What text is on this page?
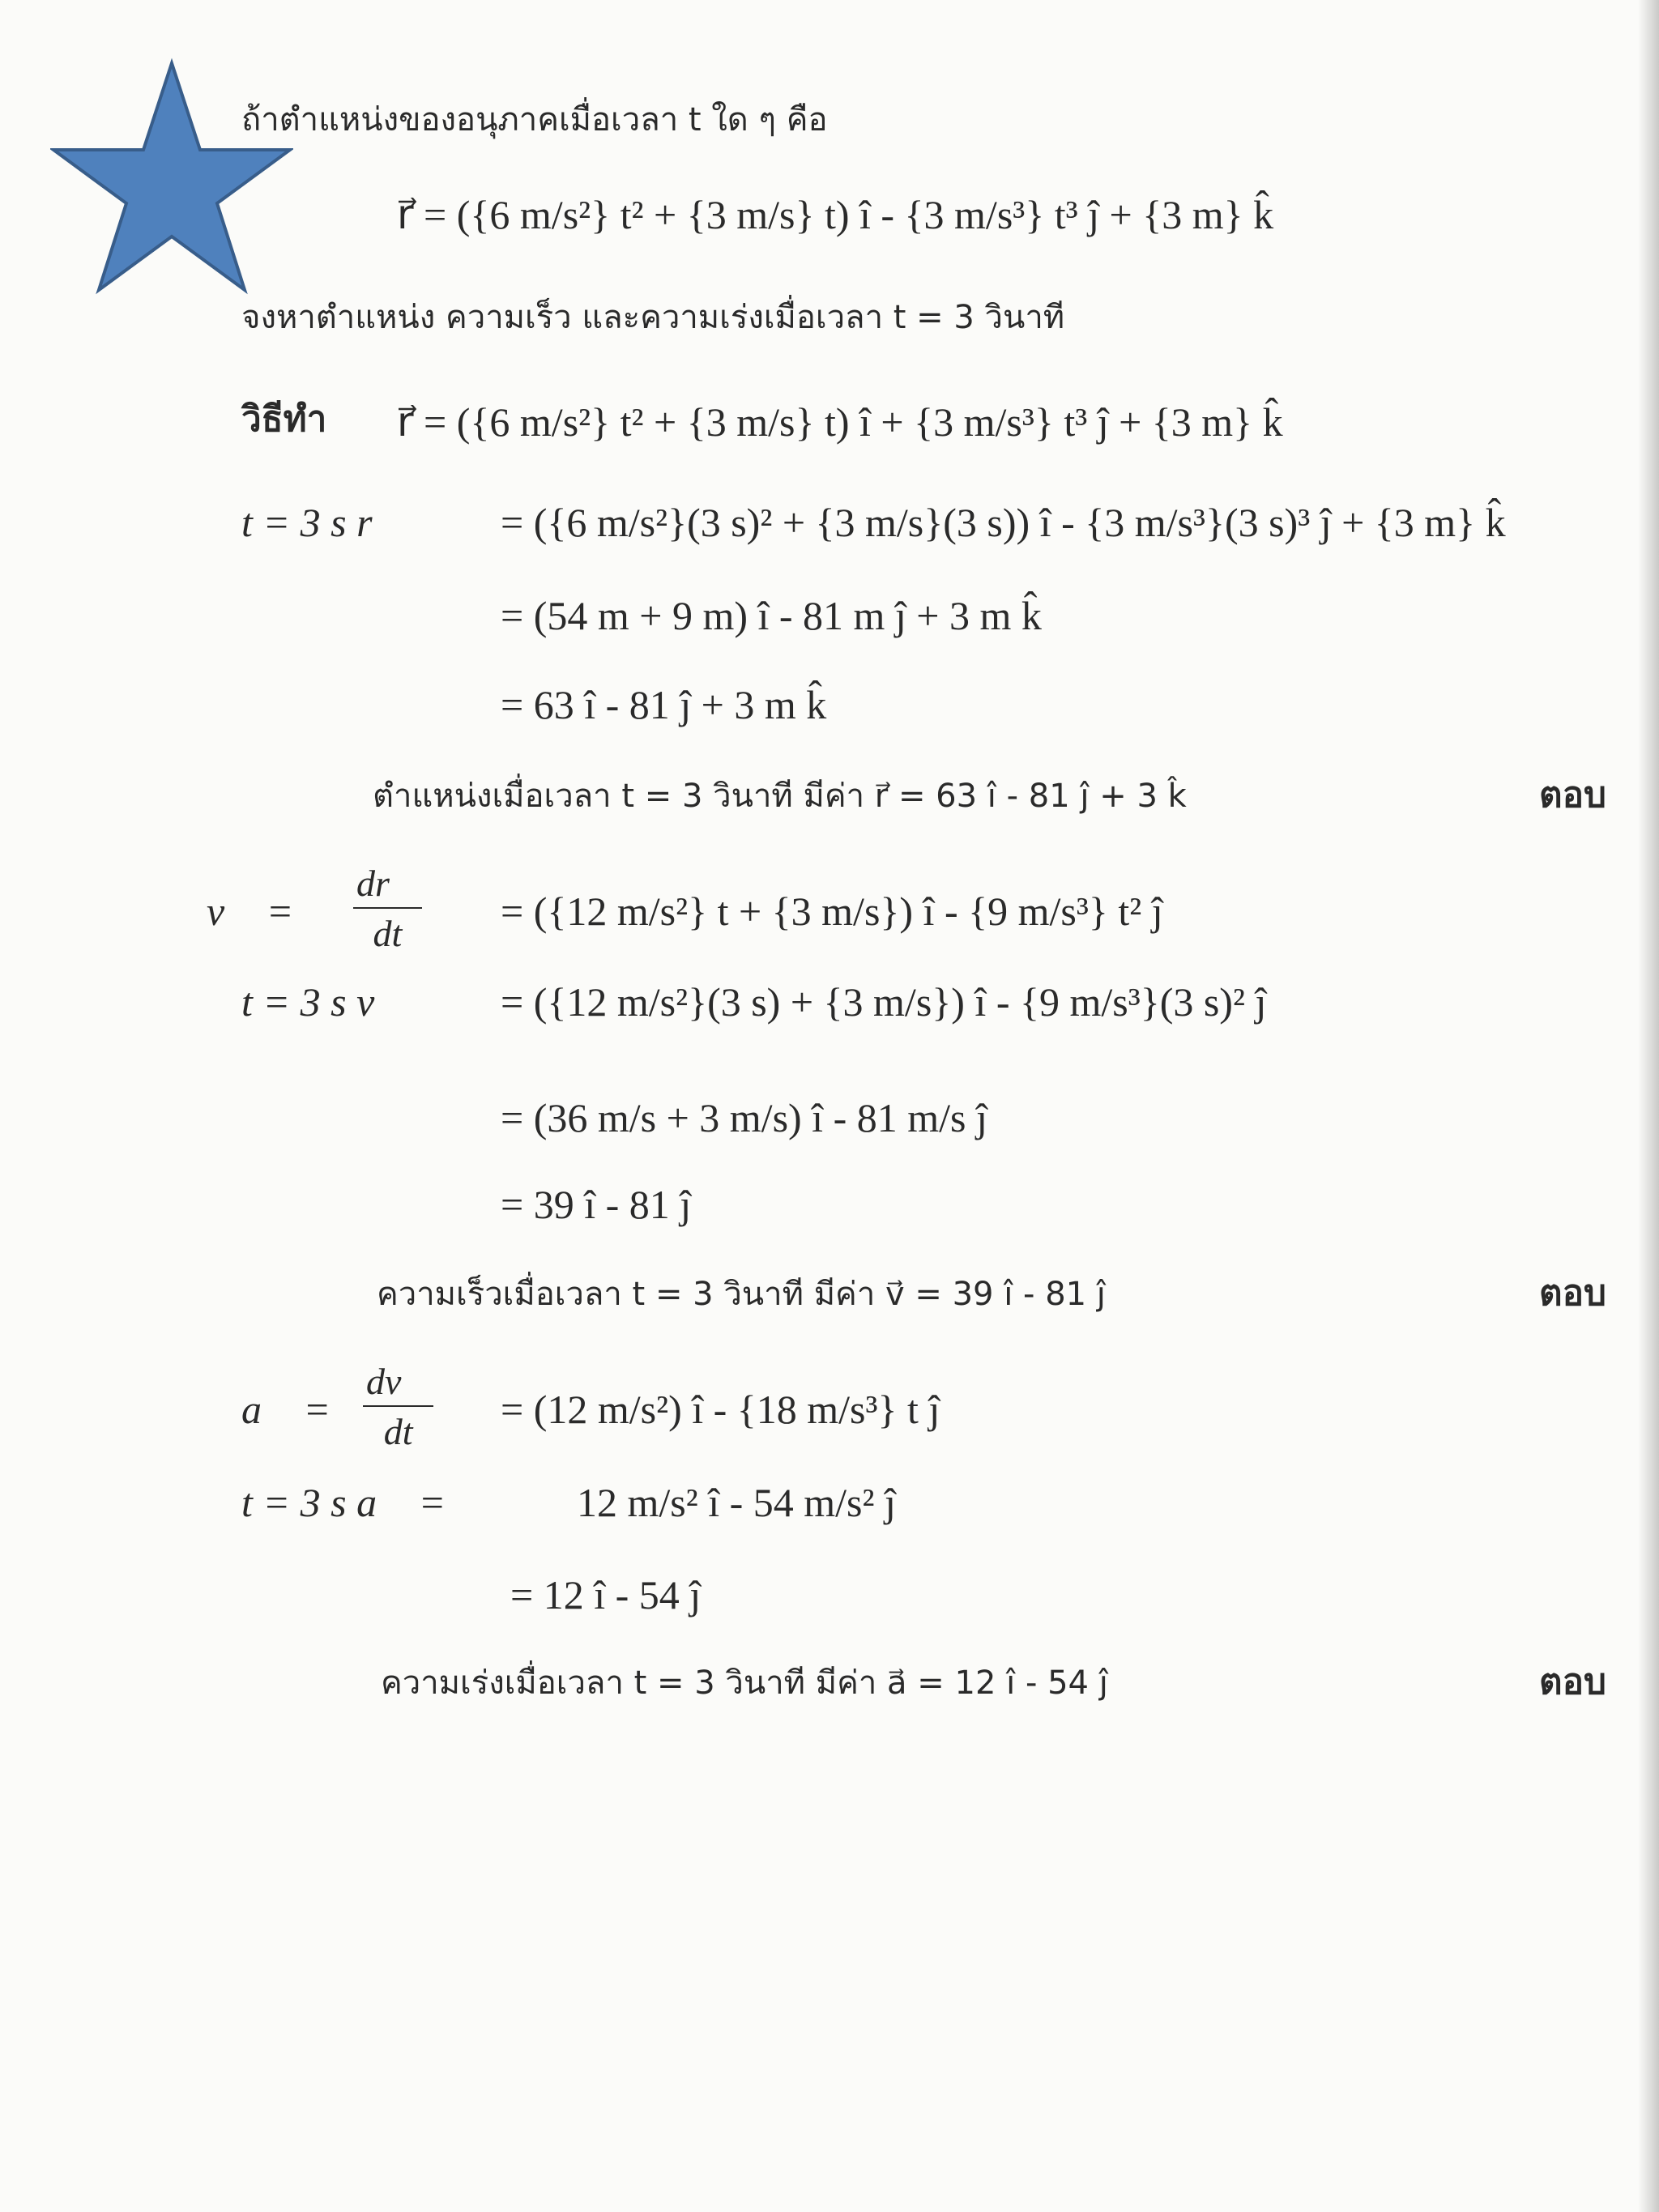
ถ้าตำแหน่งของอนุภาคเมื่อเวลา t ใด ๆ คือ
r⃗ = ({6 m/s²} t² + {3 m/s} t) î - {3 m/s³} t³ ĵ + {3 m} k̂
จงหาตำแหน่ง ความเร็ว และความเร่งเมื่อเวลา t = 3 วินาที
วิธีทำ r⃗ = ({6 m/s²} t² + {3 m/s} t) î + {3 m/s³} t³ ĵ + {3 m} k̂
t = 3 s r⃗ = ({6 m/s²}(3 s)² + {3 m/s}(3 s)) î - {3 m/s³}(3 s)³ ĵ + {3 m} k̂
= (54 m + 9 m) î - 81 m ĵ + 3 m k̂
= 63 î - 81 ĵ + 3 m k̂
ตำแหน่งเมื่อเวลา t = 3 วินาที มีค่า r⃗ = 63 î - 81 ĵ + 3 k̂	ตอบ
v⃗ = $\frac{dr⃗}{dt} = (\{12$ m/s²} t + {3 m/s}) î - {9 m/s³} t² ĵ
t = 3 s v	= ({12 m/s²}(3 s) + {3 m/s}) î - {9 m/s³}(3 s)² ĵ
= (36 m/s + 3 m/s) î - 81 m/s ĵ
= 39 î - 81 ĵ
ความเร็วเมื่อเวลา t = 3 วินาที มีค่า v⃗ = 39 î - 81 ĵ	ตอบ
a⃗ = $\frac{dv⃗}{dt} = (12$ m/s²) î - {18 m/s³} t ĵ
t = 3 s a⃗ =	12 m/s² î - 54 m/s² ĵ
= 12 î - 54 ĵ
ความเร่งเมื่อเวลา t = 3 วินาที มีค่า a⃗ = 12 î - 54 ĵ	ตอบ
